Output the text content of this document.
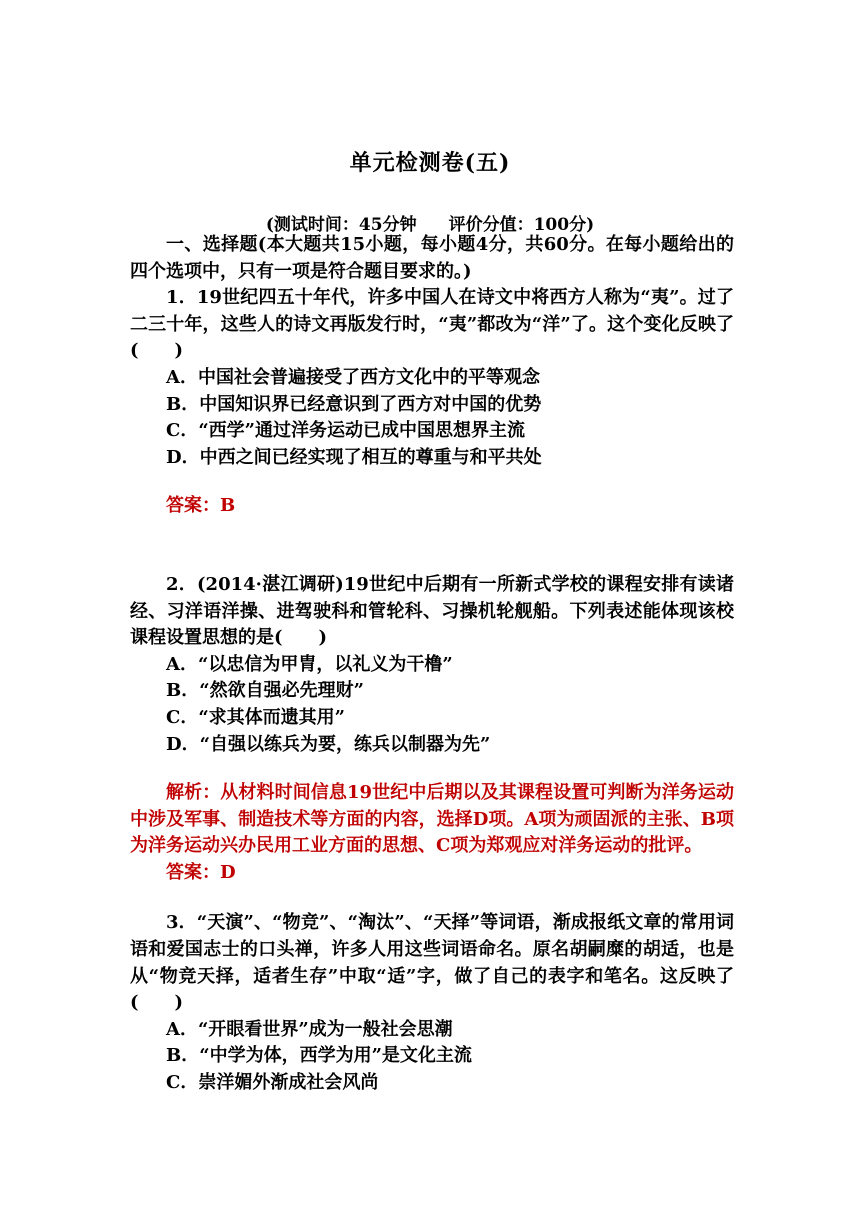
单元检测卷(五)
(测试时间：45分钟 评价分值：100分)

一、选择题(本大题共15小题，每小题4分，共60分。在每小题给出的四个选项中，只有一项是符合题目要求的。)

1．19世纪四五十年代，许多中国人在诗文中将西方人称为“夷”。过了二三十年，这些人的诗文再版发行时，“夷”都改为“洋”了。这个变化反映了(　　)

A．中国社会普遍接受了西方文化中的平等观念

B．中国知识界已经意识到了西方对中国的优势

C．“西学”通过洋务运动已成中国思想界主流

D．中西之间已经实现了相互的尊重与和平共处

答案：B

2．(2014·湛江调研)19世纪中后期有一所新式学校的课程安排有读诸经、习洋语洋操、进驾驶科和管轮科、习操机轮舰船。下列表述能体现该校课程设置思想的是(　　)

A．“以忠信为甲胄，以礼义为干橹”

B．“然欲自强必先理财”

C．“求其体而遗其用”

D．“自强以练兵为要，练兵以制器为先”

解析：从材料时间信息19世纪中后期以及其课程设置可判断为洋务运动中涉及军事、制造技术等方面的内容，选择D项。A项为顽固派的主张、B项为洋务运动兴办民用工业方面的思想、C项为郑观应对洋务运动的批评。

答案：D

3．“天演”、“物竞”、“淘汰”、“天择”等词语，渐成报纸文章的常用词语和爱国志士的口头禅，许多人用这些词语命名。原名胡嗣糜的胡适，也是从“物竞天择，适者生存”中取“适”字，做了自己的表字和笔名。这反映了(　　)

A．“开眼看世界”成为一般社会思潮

B．“中学为体，西学为用”是文化主流

C．崇洋媚外渐成社会风尚
